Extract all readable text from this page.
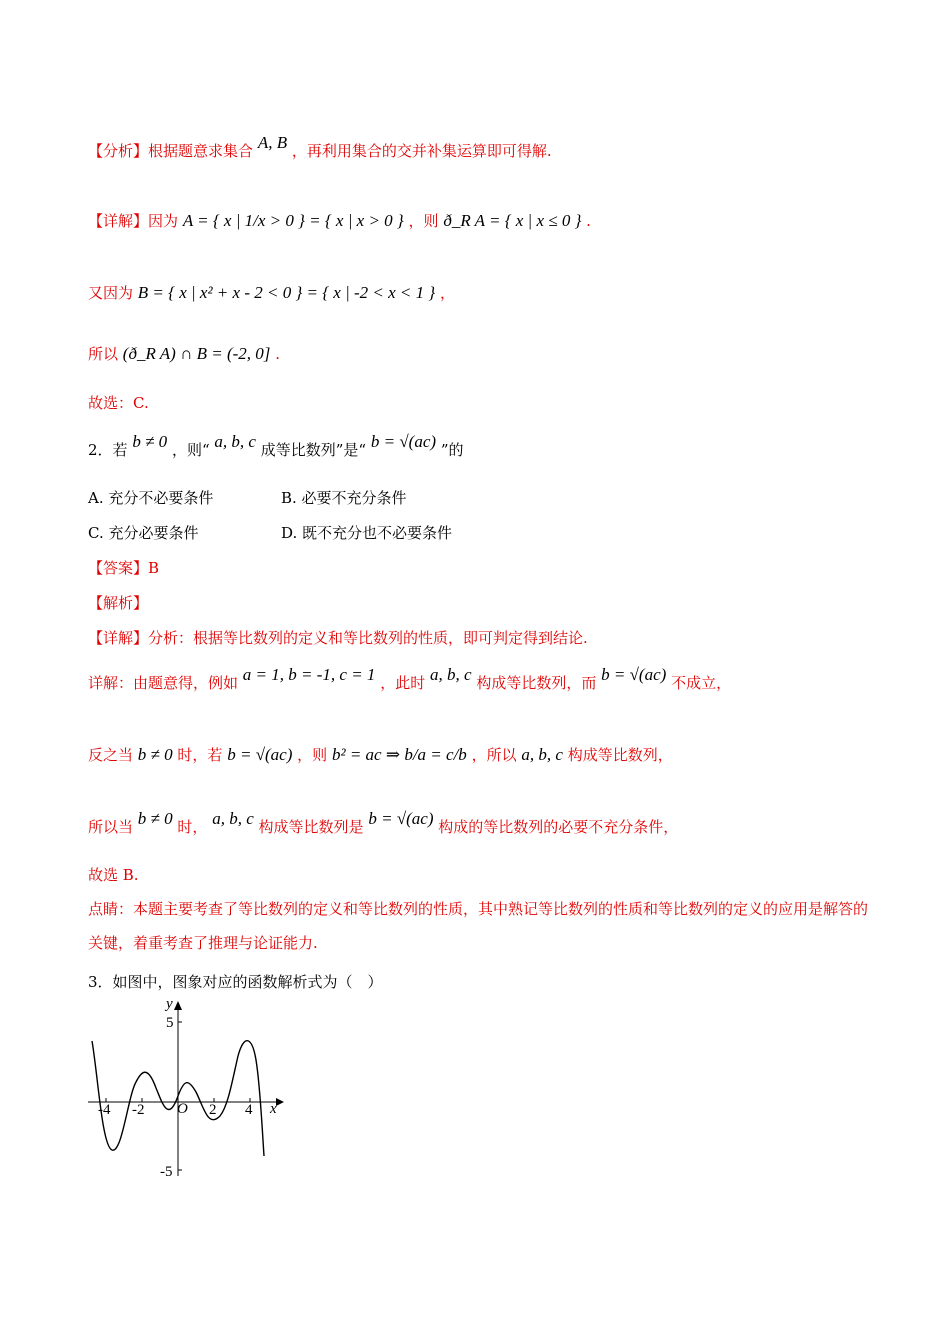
【分析】根据题意求集合 A, B ，再利用集合的交并补集运算即可得解.
【详解】因为 A = { x | 1/x > 0 } = { x | x > 0 } ，则 ð_R A = { x | x ≤ 0 } .
又因为 B = { x | x² + x - 2 < 0 } = { x | -2 < x < 1 } ，
所以 (ð_R A) ∩ B = (-2, 0] .
故选：C.
2．若 b ≠ 0 ，则“ a, b, c 成等比数列”是“ b = √(ac) ”的
A. 充分不必要条件	B. 必要不充分条件
C. 充分必要条件	D. 既不充分也不必要条件
【答案】B
【解析】
【详解】分析：根据等比数列的定义和等比数列的性质，即可判定得到结论.
详解：由题意得，例如 a = 1, b = -1, c = 1 ，此时 a, b, c 构成等比数列，而 b = √(ac) 不成立，
反之当 b ≠ 0 时，若 b = √(ac) ，则 b² = ac ⇒ b/a = c/b ，所以 a, b, c 构成等比数列，
所以当 b ≠ 0 时， a, b, c 构成等比数列是 b = √(ac) 构成的等比数列的必要不充分条件，
故选 B.
点睛：本题主要考查了等比数列的定义和等比数列的性质，其中熟记等比数列的性质和等比数列的定义的应用是解答的关键，着重考查了推理与论证能力.
3．如图中，图象对应的函数解析式为（　）
y
5
-5
x
O
-4 -2	2 4
